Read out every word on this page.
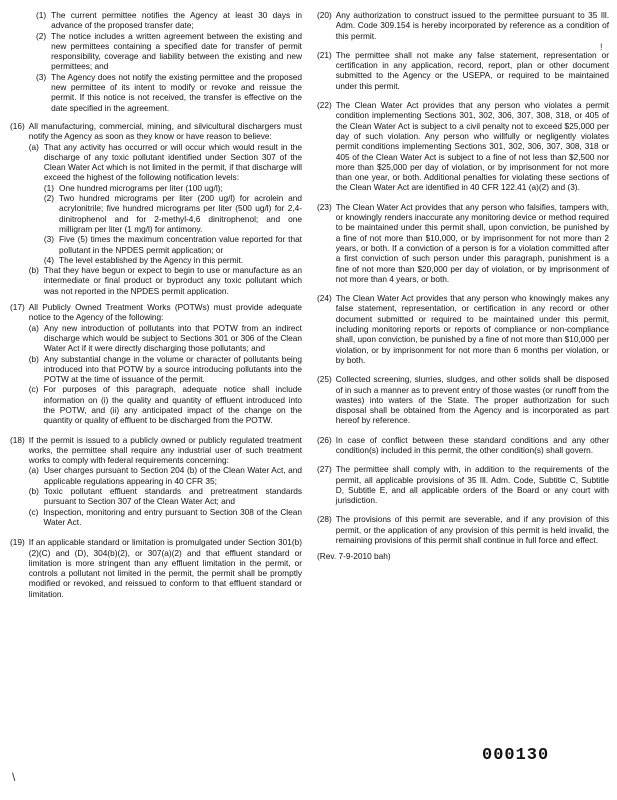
(1) The current permittee notifies the Agency at least 30 days in advance of the proposed transfer date;
(2) The notice includes a written agreement between the existing and new permittees containing a specified date for transfer of permit responsibility, coverage and liability between the existing and new permittees; and
(3) The Agency does not notify the existing permittee and the proposed new permittee of its intent to modify or revoke and reissue the permit. If this notice is not received, the transfer is effective on the date specified in the agreement.
(16) All manufacturing, commercial, mining, and silvicultural dischargers must notify the Agency as soon as they know or have reason to believe:
(a) That any activity has occurred or will occur which would result in the discharge of any toxic pollutant identified under Section 307 of the Clean Water Act which is not limited in the permit, if that discharge will exceed the highest of the following notification levels:
(1) One hundred micrograms per liter (100 ug/l);
(2) Two hundred micrograms per liter (200 ug/l) for acrolein and acrylonitrile; five hundred micrograms per liter (500 ug/l) for 2,4-dinitrophenol and for 2-methyl-4,6 dinitrophenol; and one milligram per liter (1 mg/l) for antimony.
(3) Five (5) times the maximum concentration value reported for that pollutant in the NPDES permit application; or
(4) The level established by the Agency in this permit.
(b) That they have begun or expect to begin to use or manufacture as an intermediate or final product or byproduct any toxic pollutant which was not reported in the NPDES permit application.
(17) All Publicly Owned Treatment Works (POTWs) must provide adequate notice to the Agency of the following:
(a) Any new introduction of pollutants into that POTW from an indirect discharge which would be subject to Sections 301 or 306 of the Clean Water Act if it were directly discharging those pollutants; and
(b) Any substantial change in the volume or character of pollutants being introduced into that POTW by a source introducing pollutants into the POTW at the time of issuance of the permit.
(c) For purposes of this paragraph, adequate notice shall include information on (i) the quality and quantity of effluent introduced into the POTW, and (ii) any anticipated impact of the change on the quantity or quality of effluent to be discharged from the POTW.
(18) If the permit is issued to a publicly owned or publicly regulated treatment works, the permittee shall require any industrial user of such treatment works to comply with federal requirements concerning:
(a) User charges pursuant to Section 204 (b) of the Clean Water Act, and applicable regulations appearing in 40 CFR 35;
(b) Toxic pollutant effluent standards and pretreatment standards pursuant to Section 307 of the Clean Water Act; and
(c) Inspection, monitoring and entry pursuant to Section 308 of the Clean Water Act.
(19) If an applicable standard or limitation is promulgated under Section 301(b)(2)(C) and (D), 304(b)(2), or 307(a)(2) and that effluent standard or limitation is more stringent than any effluent limitation in the permit, or controls a pollutant not limited in the permit, the permit shall be promptly modified or revoked, and reissued to conform to that effluent standard or limitation.
(20) Any authorization to construct issued to the permittee pursuant to 35 Ill. Adm. Code 309.154 is hereby incorporated by reference as a condition of this permit.
(21) The permittee shall not make any false statement, representation or certification in any application, record, report, plan or other document submitted to the Agency or the USEPA, or required to be maintained under this permit.
(22) The Clean Water Act provides that any person who violates a permit condition implementing Sections 301, 302, 306, 307, 308, 318, or 405 of the Clean Water Act is subject to a civil penalty not to exceed $25,000 per day of such violation. Any person who willfully or negligently violates permit conditions implementing Sections 301, 302, 306, 307, 308, 318 or 405 of the Clean Water Act is subject to a fine of not less than $2,500 nor more than $25,000 per day of violation, or by imprisonment for not more than one year, or both. Additional penalties for violating these sections of the Clean Water Act are identified in 40 CFR 122.41 (a)(2) and (3).
(23) The Clean Water Act provides that any person who falsifies, tampers with, or knowingly renders inaccurate any monitoring device or method required to be maintained under this permit shall, upon conviction, be punished by a fine of not more than $10,000, or by imprisonment for not more than 2 years, or both. If a conviction of a person is for a violation committed after a first conviction of such person under this paragraph, punishment is a fine of not more than $20,000 per day of violation, or by imprisonment of not more than 4 years, or both.
(24) The Clean Water Act provides that any person who knowingly makes any false statement, representation, or certification in any record or other document submitted or required to be maintained under this permit, including monitoring reports or reports of compliance or non-compliance shall, upon conviction, be punished by a fine of not more than $10,000 per violation, or by imprisonment for not more than 6 months per violation, or by both.
(25) Collected screening, slurries, sludges, and other solids shall be disposed of in such a manner as to prevent entry of those wastes (or runoff from the wastes) into waters of the State. The proper authorization for such disposal shall be obtained from the Agency and is incorporated as part hereof by reference.
(26) In case of conflict between these standard conditions and any other condition(s) included in this permit, the other condition(s) shall govern.
(27) The permittee shall comply with, in addition to the requirements of the permit, all applicable provisions of 35 Ill. Adm. Code, Subtitle C, Subtitle D, Subtitle E, and all applicable orders of the Board or any court with jurisdiction.
(28) The provisions of this permit are severable, and if any provision of this permit, or the application of any provision of this permit is held invalid, the remaining provisions of this permit shall continue in full force and effect.
(Rev. 7-9-2010 bah)
000130
\
!
